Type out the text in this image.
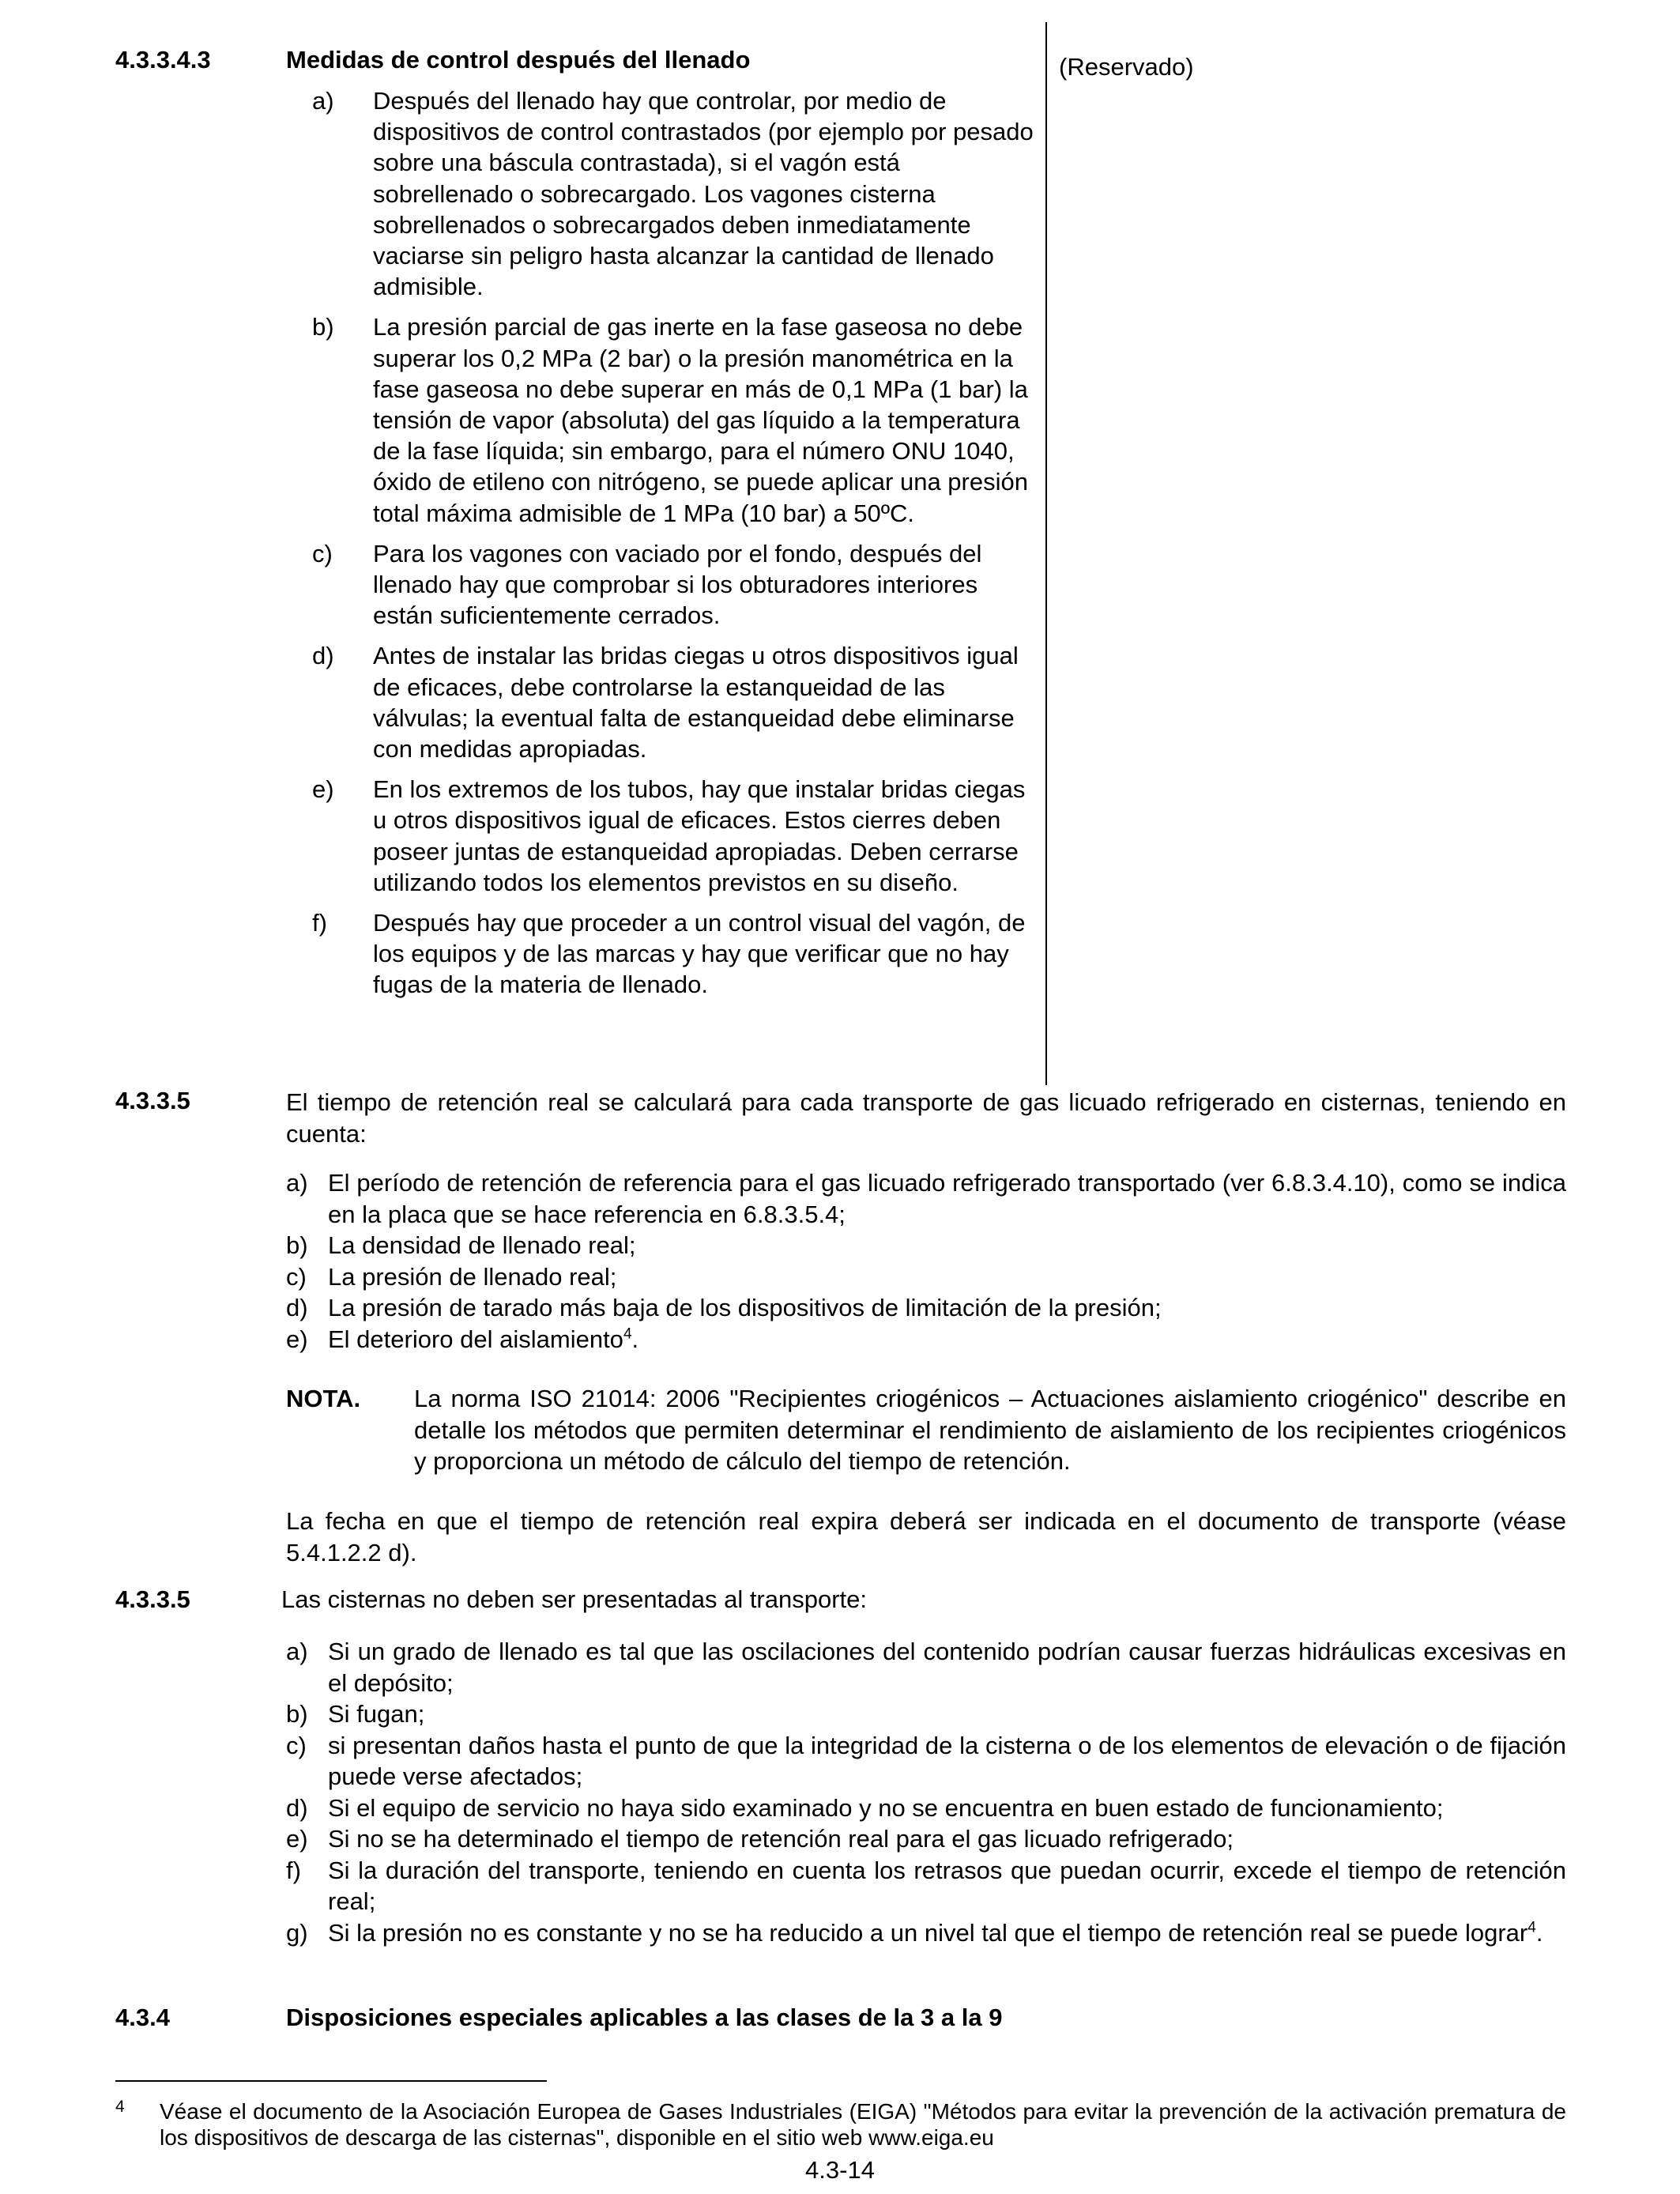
4.3.3.4.3	Medidas de control después del llenado	(Reservado)
a) Después del llenado hay que controlar, por medio de dispositivos de control contrastados (por ejemplo por pesado sobre una báscula contrastada), si el vagón está sobrellenado o sobrecargado. Los vagones cisterna sobrellenados o sobrecargados deben inmediatamente vaciarse sin peligro hasta alcanzar la cantidad de llenado admisible.
b) La presión parcial de gas inerte en la fase gaseosa no debe superar los 0,2 MPa (2 bar) o la presión manométrica en la fase gaseosa no debe superar en más de 0,1 MPa (1 bar) la tensión de vapor (absoluta) del gas líquido a la temperatura de la fase líquida; sin embargo, para el número ONU 1040, óxido de etileno con nitrógeno, se puede aplicar una presión total máxima admisible de 1 MPa (10 bar) a 50ºC.
c) Para los vagones con vaciado por el fondo, después del llenado hay que comprobar si los obturadores interiores están suficientemente cerrados.
d) Antes de instalar las bridas ciegas u otros dispositivos igual de eficaces, debe controlarse la estanqueidad de las válvulas; la eventual falta de estanqueidad debe eliminarse con medidas apropiadas.
e) En los extremos de los tubos, hay que instalar bridas ciegas u otros dispositivos igual de eficaces. Estos cierres deben poseer juntas de estanqueidad apropiadas. Deben cerrarse utilizando todos los elementos previstos en su diseño.
f) Después hay que proceder a un control visual del vagón, de los equipos y de las marcas y hay que verificar que no hay fugas de la materia de llenado.
4.3.3.5	El tiempo de retención real se calculará para cada transporte de gas licuado refrigerado en cisternas, teniendo en cuenta:
a) El período de retención de referencia para el gas licuado refrigerado transportado (ver 6.8.3.4.10), como se indica en la placa que se hace referencia en 6.8.3.5.4;
b) La densidad de llenado real;
c) La presión de llenado real;
d) La presión de tarado más baja de los dispositivos de limitación de la presión;
e) El deterioro del aislamiento$^4$.
NOTA. La norma ISO 21014: 2006 "Recipientes criogénicos – Actuaciones aislamiento criogénico" describe en detalle los métodos que permiten determinar el rendimiento de aislamiento de los recipientes criogénicos y proporciona un método de cálculo del tiempo de retención.
La fecha en que el tiempo de retención real expira deberá ser indicada en el documento de transporte (véase 5.4.1.2.2 d).
4.3.3.5	Las cisternas no deben ser presentadas al transporte:
a) Si un grado de llenado es tal que las oscilaciones del contenido podrían causar fuerzas hidráulicas excesivas en el depósito;
b) Si fugan;
c) si presentan daños hasta el punto de que la integridad de la cisterna o de los elementos de elevación o de fijación puede verse afectados;
d) Si el equipo de servicio no haya sido examinado y no se encuentra en buen estado de funcionamiento;
e) Si no se ha determinado el tiempo de retención real para el gas licuado refrigerado;
f) Si la duración del transporte, teniendo en cuenta los retrasos que puedan ocurrir, excede el tiempo de retención real;
g) Si la presión no es constante y no se ha reducido a un nivel tal que el tiempo de retención real se puede lograr$^4$.
4.3.4	Disposiciones especiales aplicables a las clases de la 3 a la 9
4 Véase el documento de la Asociación Europea de Gases Industriales (EIGA) "Métodos para evitar la prevención de la activación prematura de los dispositivos de descarga de las cisternas", disponible en el sitio web www.eiga.eu
4.3-14
